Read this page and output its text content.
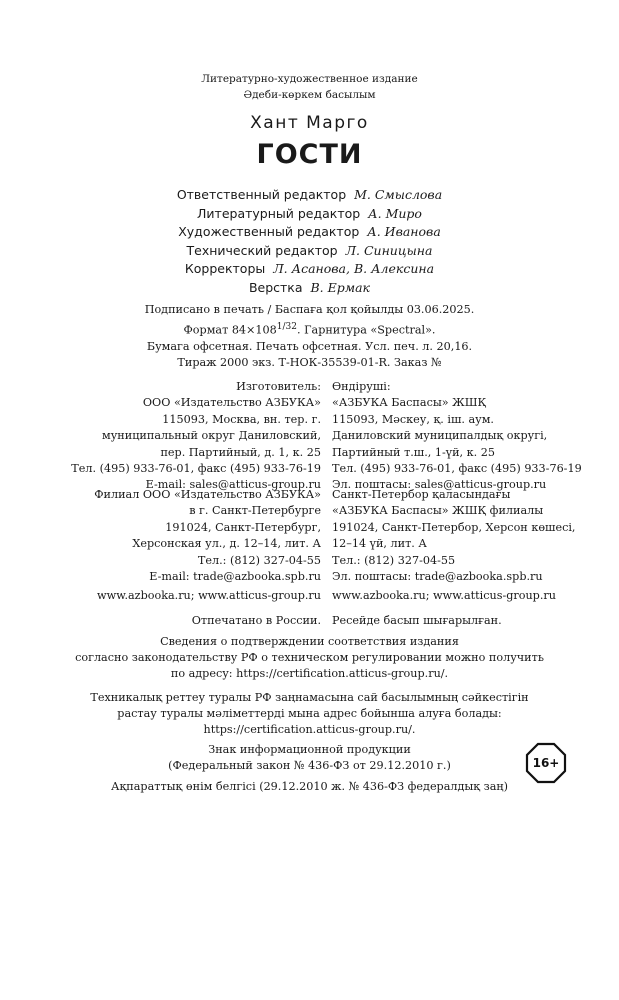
Литературно-художественное издание
Әдеби-көркем басылым
Хант Марго
ГОСТИ
Ответственный редактор М. Смыслова
Литературный редактор А. Миро
Художественный редактор А. Иванова
Технический редактор Л. Синицына
Корректоры Л. Асанова, В. Алексина
Верстка В. Ермак
Подписано в печать / Баспаға қол қойылды 03.06.2025.
Формат $84\times 108^{1/32}$. Гарнитура «Spectral».
Бумага офсетная. Печать офсетная. Усл. печ. л. 20,16.
Тираж 2000 экз. Т-НОК-35539-01-R. Заказ №
Изготовитель:
ООО «Издательство АЗБУКА»
115093, Москва, вн. тер. г.
муниципальный округ Даниловский,
пер. Партийный, д. 1, к. 25
Тел. (495) 933-76-01, факс (495) 933-76-19
E-mail: sales@atticus-group.ru
Өндіруші:
«АЗБУКА Баспасы» ЖШҚ
115093, Мәскеу, қ. іш. аум.
Даниловский муниципалдық округі,
Партийный т.ш., 1-үй, к. 25
Тел. (495) 933-76-01, факс (495) 933-76-19
Эл. поштасы: sales@atticus-group.ru
Филиал ООО «Издательство АЗБУКА»
в г. Санкт-Петербурге
191024, Санкт-Петербург,
Херсонская ул., д. 12–14, лит. А
Тел.: (812) 327-04-55
E-mail: trade@azbooka.spb.ru
Санкт-Петербор қаласындағы
«АЗБУКА Баспасы» ЖШҚ филиалы
191024, Санкт-Петербор, Херсон көшесі,
12–14 үй, лит. А
Тел.: (812) 327-04-55
Эл. поштасы: trade@azbooka.spb.ru
www.azbooka.ru; www.atticus-group.ru www.azbooka.ru; www.atticus-group.ru
Отпечатано в России. Ресейде басып шығарылған.
Сведения о подтверждении соответствия издания
согласно законодательству РФ о техническом регулировании можно получить
по адресу: https://certification.atticus-group.ru/.
Техникалық реттеу туралы РФ заңнамасына сай басылымның сәйкестігін
растау туралы мәліметтерді мына адрес бойынша алуға болады:
https://certification.atticus-group.ru/.
Знак информационной продукции
(Федеральный закон № 436-ФЗ от 29.12.2010 г.)
Ақпараттық өнім белгісі (29.12.2010 ж. № 436-ФЗ федералдық заң)
16+
